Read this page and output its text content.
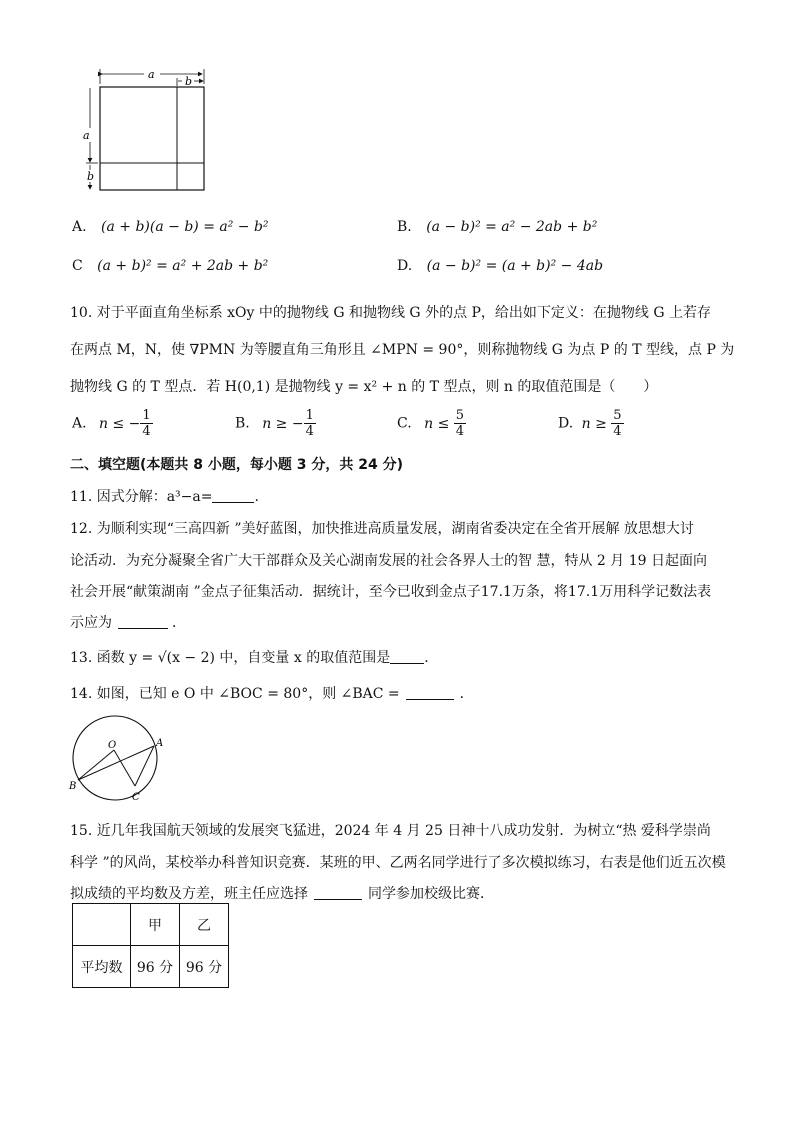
a
b
a
b
A. (a + b)(a − b) = a² − b²	B. (a − b)² = a² − 2ab + b²
C (a + b)² = a² + 2ab + b²	D. (a − b)² = (a + b)² − 4ab
10. 对于平面直角坐标系 xOy 中的抛物线 G 和抛物线 G 外的点 P，给出如下定义：在抛物线 G 上若存
在两点 M，N，使 ∇PMN 为等腰直角三角形且 ∠MPN = 90°，则称抛物线 G 为点 P 的 T 型线，点 P 为
抛物线 G 的 T 型点．若 H(0,1) 是抛物线 y = x² + n 的 T 型点，则 n 的取值范围是（　　）
A. n ≤ − $\frac{1}{4}$	B. n ≥ − $\frac{1}{4}$	C. $n \le \frac{5}{4}$	D. $n \ge \frac{5}{4}$
二、填空题(本题共 8 小题，每小题 3 分，共 24 分)
11. 因式分解：a³−a=	.
12. 为顺利实现“三高四新 ”美好蓝图，加快推进高质量发展，湖南省委决定在全省开展解 放思想大讨
论活动．为充分凝聚全省广大干部群众及关心湖南发展的社会各界人士的智 慧，特从 2 月 19 日起面向
社会开展“献策湖南 ”金点子征集活动．据统计，至今已收到金点子17.1万条，将17.1万用科学记数法表
示应为	．
13. 函数 y = √(x − 2) 中，自变量 x 的取值范围是 .
14. 如图，已知 e O 中 ∠BOC = 80°，则 ∠BAC =	．
O	A
B
C
15. 近几年我国航天领域的发展突飞猛进，2024 年 4 月 25 日神十八成功发射．为树立“热 爱科学崇尚
科学 ”的风尚，某校举办科普知识竞赛．某班的甲、乙两名同学进行了多次模拟练习，右表是他们近五次模
拟成绩的平均数及方差，班主任应选择	同学参加校级比赛．
	甲	乙
平均数	96 分	96 分
